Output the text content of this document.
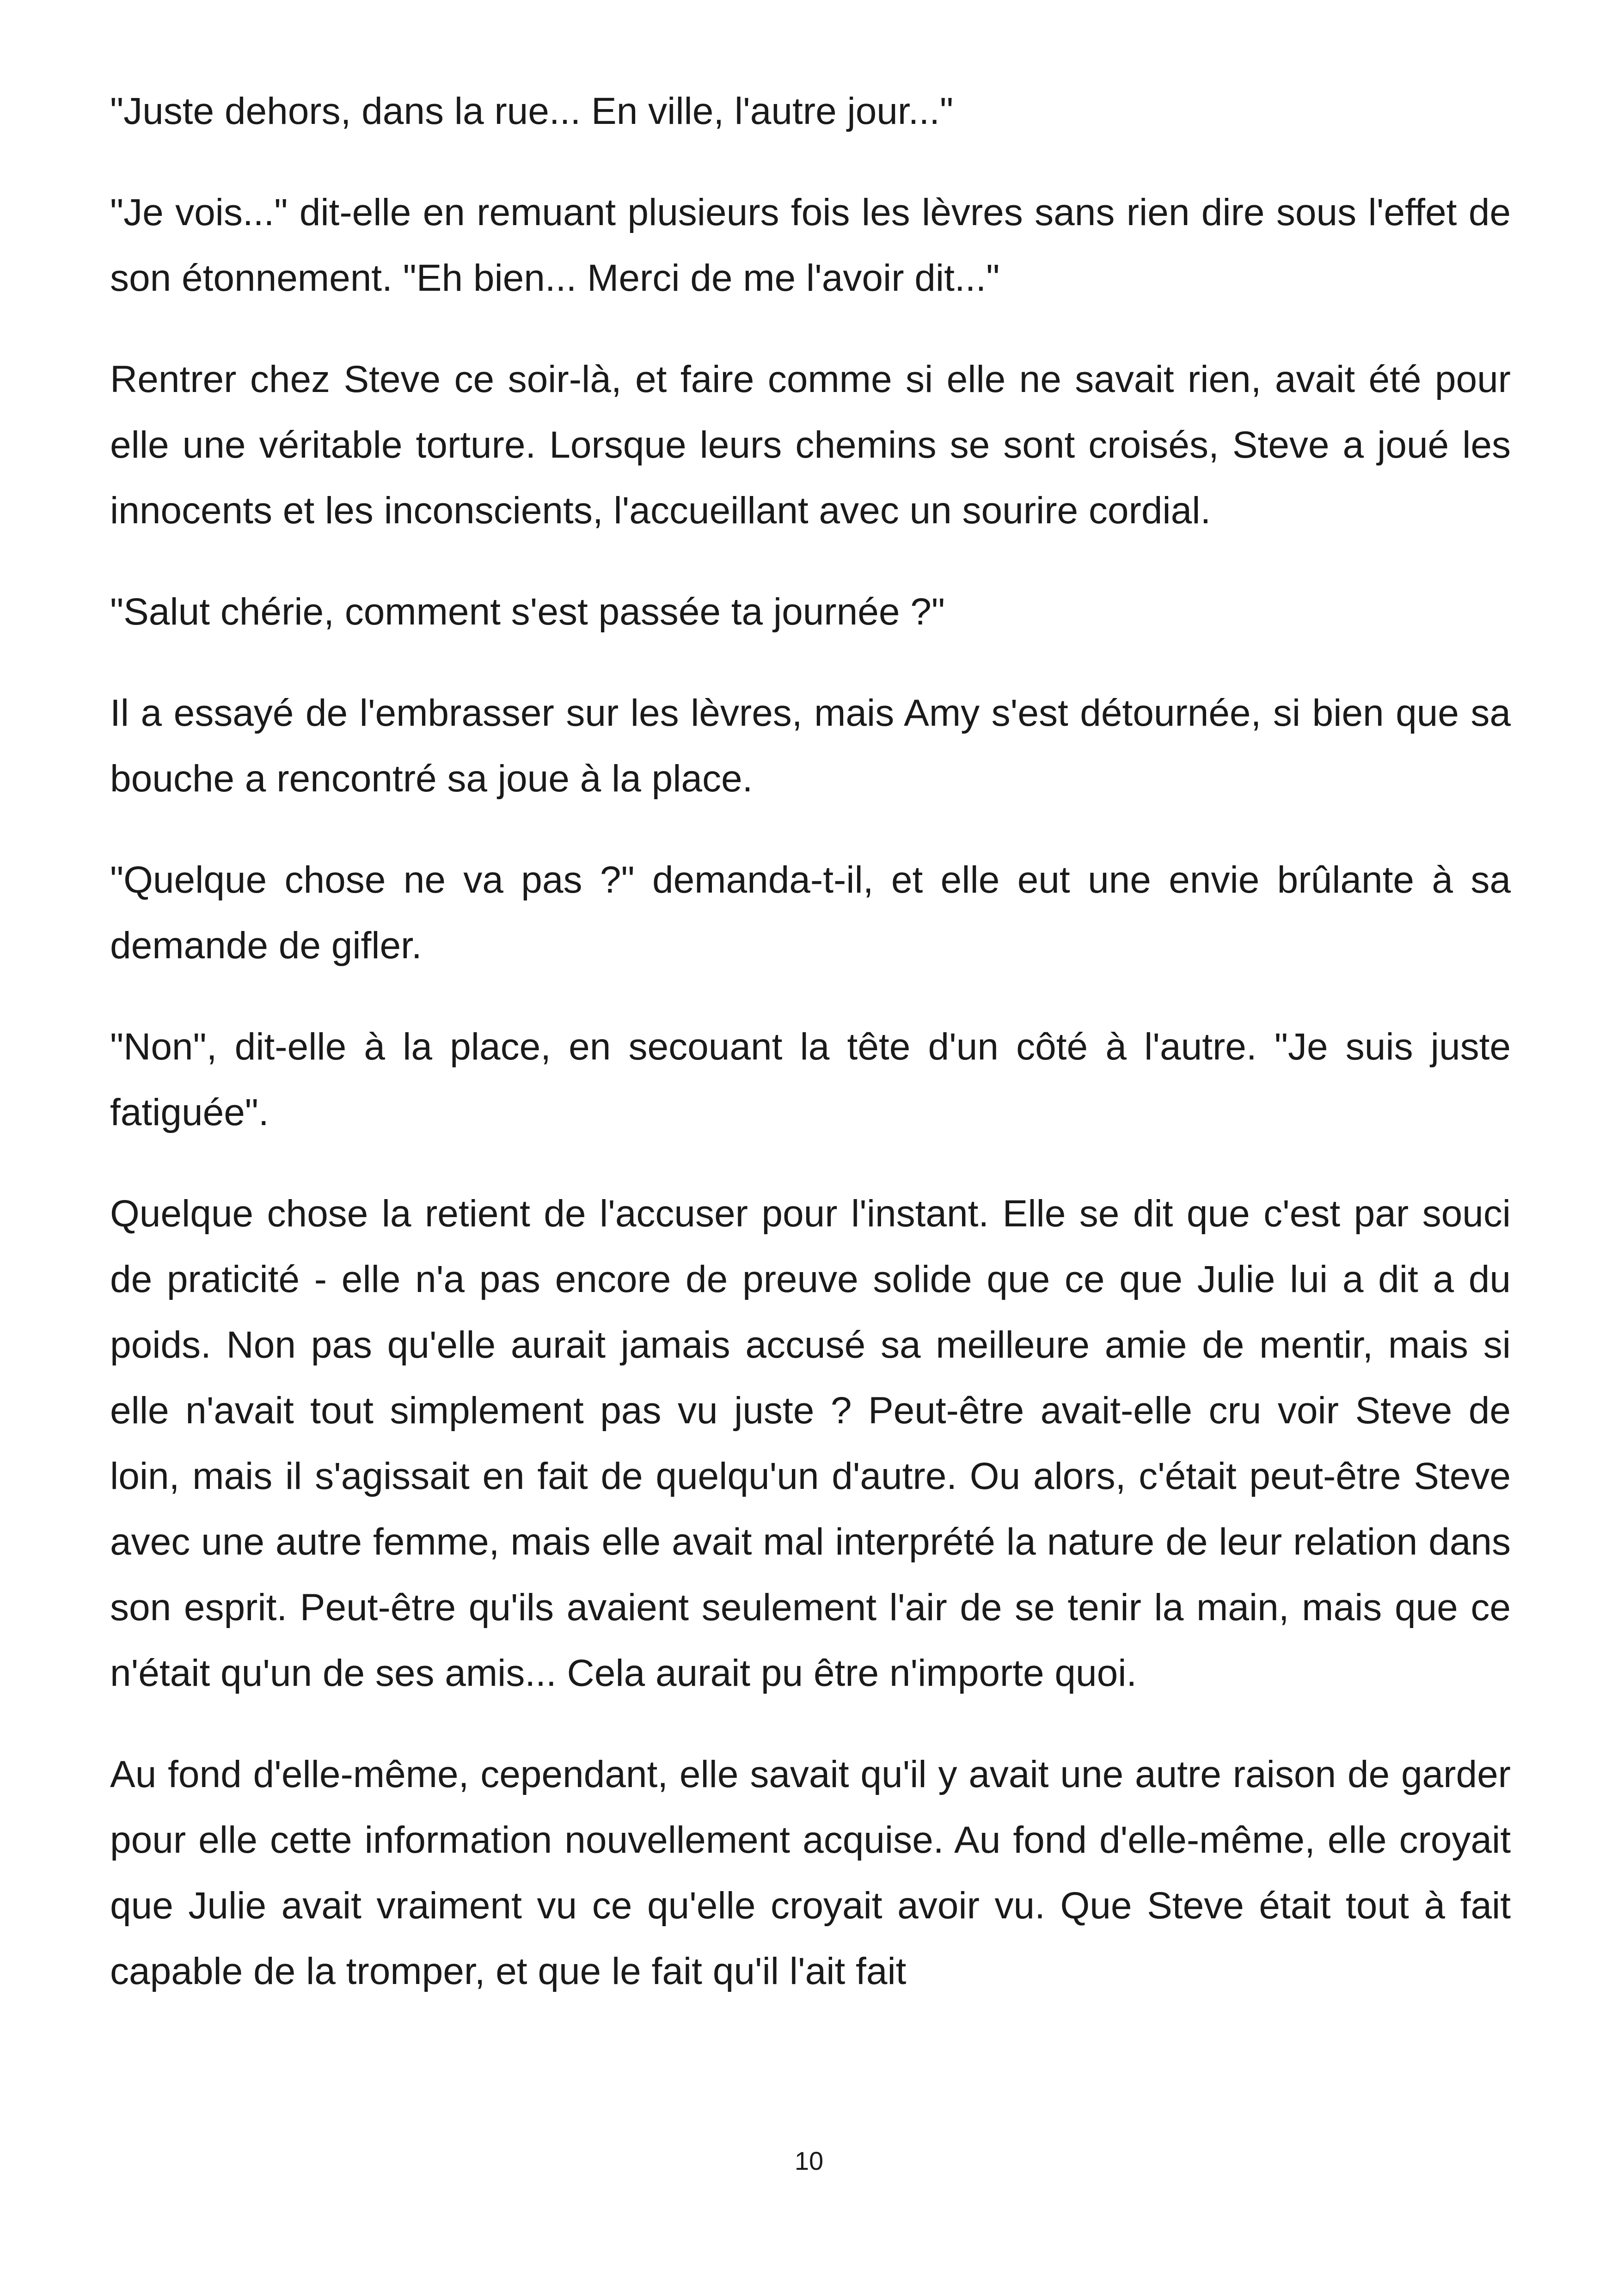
"Juste dehors, dans la rue... En ville, l'autre jour..."

"Je vois..." dit-elle en remuant plusieurs fois les lèvres sans rien dire sous l'effet de son étonnement. "Eh bien... Merci de me l'avoir dit..."

Rentrer chez Steve ce soir-là, et faire comme si elle ne savait rien, avait été pour elle une véritable torture. Lorsque leurs chemins se sont croisés, Steve a joué les innocents et les inconscients, l'accueillant avec un sourire cordial.

"Salut chérie, comment s'est passée ta journée ?"

Il a essayé de l'embrasser sur les lèvres, mais Amy s'est détournée, si bien que sa bouche a rencontré sa joue à la place.

"Quelque chose ne va pas ?" demanda-t-il, et elle eut une envie brûlante à sa demande de gifler.

"Non", dit-elle à la place, en secouant la tête d'un côté à l'autre. "Je suis juste fatiguée".

Quelque chose la retient de l'accuser pour l'instant. Elle se dit que c'est par souci de praticité - elle n'a pas encore de preuve solide que ce que Julie lui a dit a du poids. Non pas qu'elle aurait jamais accusé sa meilleure amie de mentir, mais si elle n'avait tout simplement pas vu juste ? Peut-être avait-elle cru voir Steve de loin, mais il s'agissait en fait de quelqu'un d'autre. Ou alors, c'était peut-être Steve avec une autre femme, mais elle avait mal interprété la nature de leur relation dans son esprit. Peut-être qu'ils avaient seulement l'air de se tenir la main, mais que ce n'était qu'un de ses amis... Cela aurait pu être n'importe quoi.

Au fond d'elle-même, cependant, elle savait qu'il y avait une autre raison de garder pour elle cette information nouvellement acquise. Au fond d'elle-même, elle croyait que Julie avait vraiment vu ce qu'elle croyait avoir vu. Que Steve était tout à fait capable de la tromper, et que le fait qu'il l'ait fait

10
